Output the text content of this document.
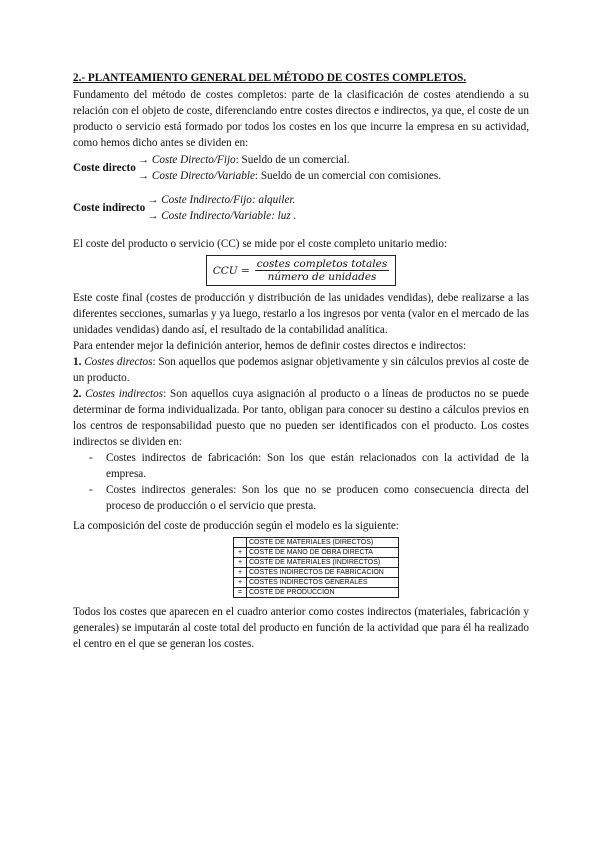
2.- PLANTEAMIENTO GENERAL DEL MÉTODO DE COSTES COMPLETOS.

Fundamento del método de costes completos: parte de la clasificación de costes atendiendo a su relación con el objeto de coste, diferenciando entre costes directos e indirectos, ya que, el coste de un producto o servicio está formado por todos los costes en los que incurre la empresa en su actividad, como hemos dicho antes se dividen en:

Coste directo
→ Coste Directo/Fijo: Sueldo de un comercial.
→ Coste Directo/Variable: Sueldo de un comercial con comisiones.
Coste indirecto
→ Coste Indirecto/Fijo: alquiler.
→ Coste Indirecto/Variable: luz .

El coste del producto o servicio (CC) se mide por el coste completo unitario medio:

CCU = $\frac{\text{costes completos totales}}{\text{número de unidades}}$

Este coste final (costes de producción y distribución de las unidades vendidas), debe realizarse a las diferentes secciones, sumarlas y ya luego, restarlo a los ingresos por venta (valor en el mercado de las unidades vendidas) dando así, el resultado de la contabilidad analítica.

Para entender mejor la definición anterior, hemos de definir costes directos e indirectos:

1. Costes directos: Son aquellos que podemos asignar objetivamente y sin cálculos previos al coste de un producto.
2. Costes indirectos: Son aquellos cuya asignación al producto o a líneas de productos no se puede determinar de forma individualizada. Por tanto, obligan para conocer su destino a cálculos previos en los centros de responsabilidad puesto que no pueden ser identificados con el producto. Los costes indirectos se dividen en:
-	Costes indirectos de fabricación: Son los que están relacionados con la actividad de la empresa.
-	Costes indirectos generales: Son los que no se producen como consecuencia directa del proceso de producción o el servicio que presta.

La composición del coste de producción según el modelo es la siguiente:

	COSTE DE MATERIALES (DIRECTOS)
+	COSTE DE MANO DE OBRA DIRECTA
+	COSTE DE MATERIALES (INDIRECTOS)
+	COSTES INDIRECTOS DE FABRICACIÓN
+	COSTES INDIRECTOS GENERALES
=	COSTE DE PRODUCCIÓN

Todos los costes que aparecen en el cuadro anterior como costes indirectos (materiales, fabricación y generales) se imputarán al coste total del producto en función de la actividad que para él ha realizado el centro en el que se generan los costes.
